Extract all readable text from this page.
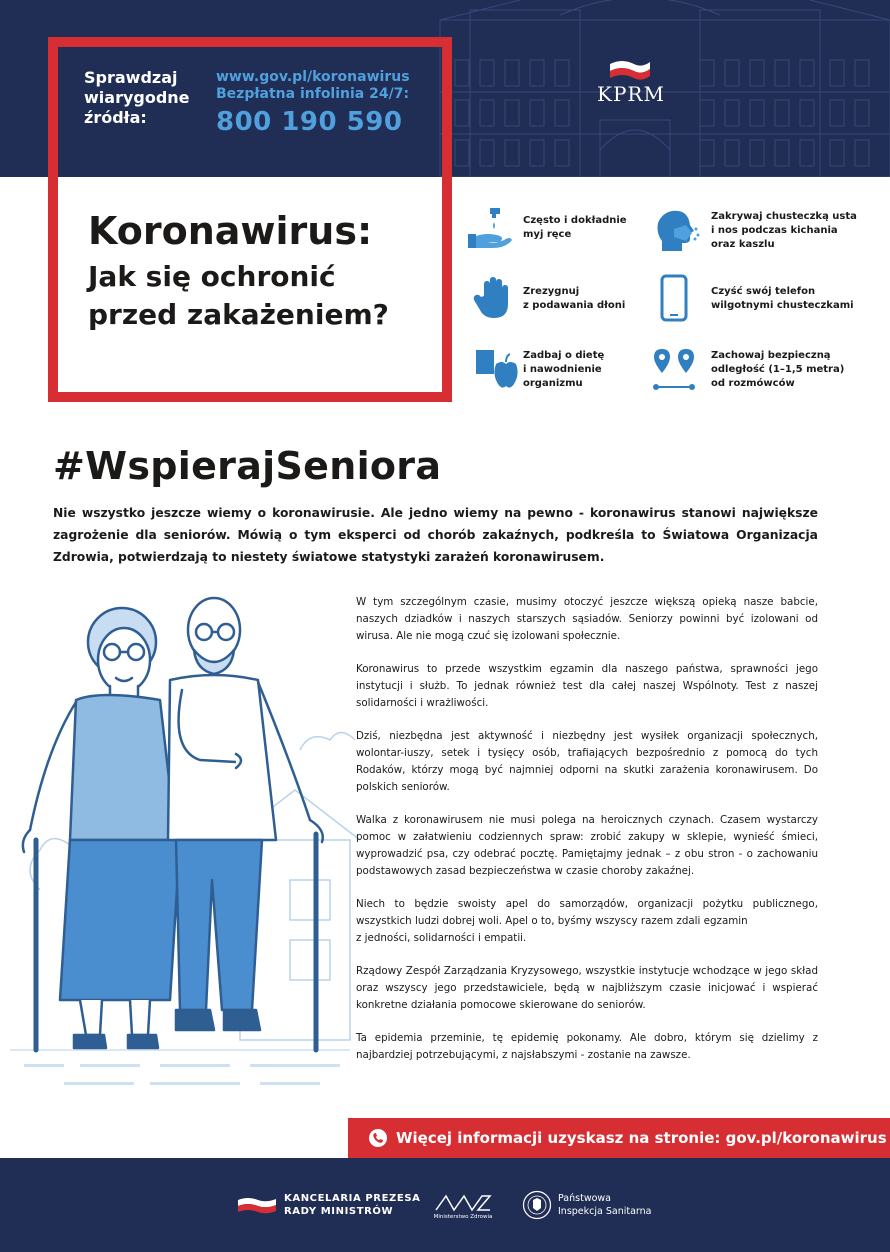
Sprawdzaj
wiarygodne
źródła:
www.gov.pl/koronawirus
Bezpłatna infolinia 24/7:
800 190 590
KPRM
Koronawirus:
Jak się ochronić
przed zakażeniem?
Często i dokładnie
myj ręce
Zakrywaj chusteczką usta
i nos podczas kichania
oraz kaszlu
Zrezygnuj
z podawania dłoni
Czyść swój telefon
wilgotnymi chusteczkami
Zadbaj o dietę
i nawodnienie
organizmu
Zachowaj bezpieczną
odległość (1–1,5 metra)
od rozmówców
#WspierajSeniora
Nie wszystko jeszcze wiemy o koronawirusie. Ale jedno wiemy na pewno - koronawirus stanowi największe zagrożenie dla seniorów. Mówią o tym eksperci od chorób zakaźnych, podkreśla to Światowa Organizacja Zdrowia, potwierdzają to niestety światowe statystyki zarażeń koronawirusem.

W tym szczególnym czasie, musimy otoczyć jeszcze większą opieką nasze babcie, naszych dziadków i naszych starszych sąsiadów. Seniorzy powinni być izolowani od wirusa. Ale nie mogą czuć się izolowani społecznie.

Koronawirus to przede wszystkim egzamin dla naszego państwa, sprawności jego instytucji i służb. To jednak również test dla całej naszej Wspólnoty. Test z naszej solidarności i wrażliwości.

Dziś, niezbędna jest aktywność i niezbędny jest wysiłek organizacji społecznych, wolontar-iuszy, setek i tysięcy osób, trafiających bezpośrednio z pomocą do tych Rodaków, którzy mogą być najmniej odporni na skutki zarażenia koronawirusem. Do polskich seniorów.

Walka z koronawirusem nie musi polega na heroicznych czynach. Czasem wystarczy pomoc w załatwieniu codziennych spraw: zrobić zakupy w sklepie, wynieść śmieci, wyprowadzić psa, czy odebrać pocztę. Pamiętajmy jednak – z obu stron - o zachowaniu podstawowych zasad bezpieczeństwa w czasie choroby zakaźnej.

Niech to będzie swoisty apel do samorządów, organizacji pożytku publicznego, wszystkich ludzi dobrej woli. Apel o to, byśmy wszyscy razem zdali egzamin
z jedności, solidarności i empatii.

Rządowy Zespół Zarządzania Kryzysowego, wszystkie instytucje wchodzące w jego skład oraz wszyscy jego przedstawiciele, będą w najbliższym czasie inicjować i wspierać konkretne działania pomocowe skierowane do seniorów.

Ta epidemia przeminie, tę epidemię pokonamy. Ale dobro, którym się dzielimy z najbardziej potrzebującymi, z najsłabszymi - zostanie na zawsze.

Więcej informacji uzyskasz na stronie: gov.pl/koronawirus
KANCELARIA PREZESA
RADY MINISTRÓW	Ministerstwo Zdrowia
Państwowa
Inspekcja Sanitarna
